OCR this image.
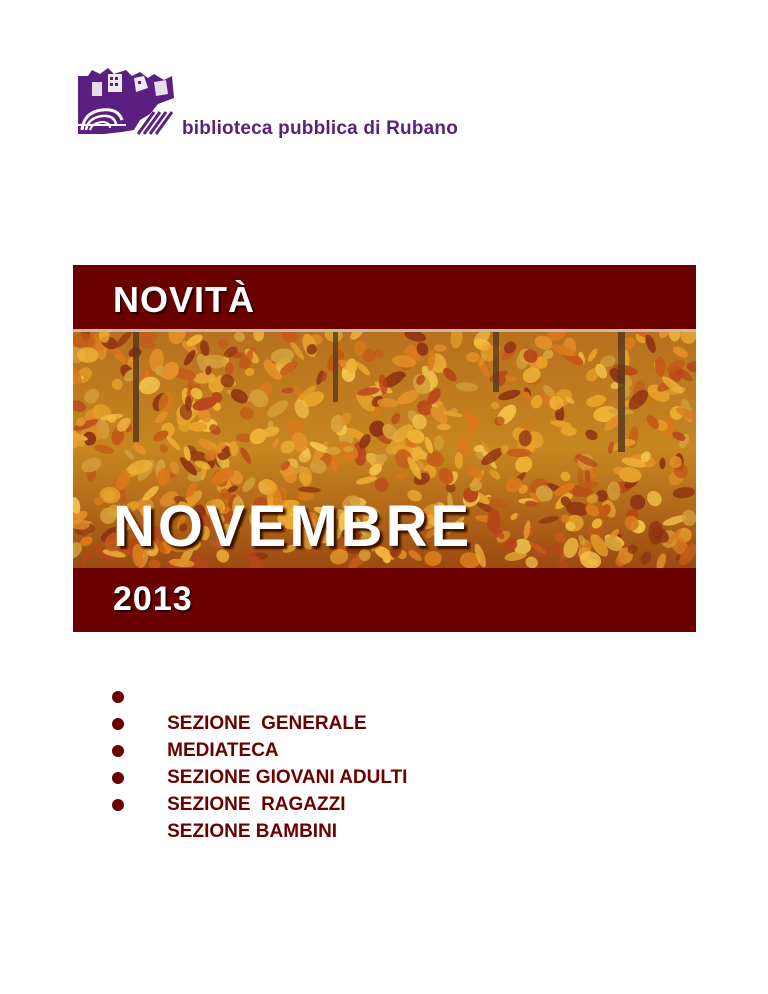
biblioteca pubblica di Rubano
NOVITÀ
NOVEMBRE
2013

SEZIONE  GENERALE

MEDIATECA

SEZIONE GIOVANI ADULTI

SEZIONE  RAGAZZI

SEZIONE BAMBINI
